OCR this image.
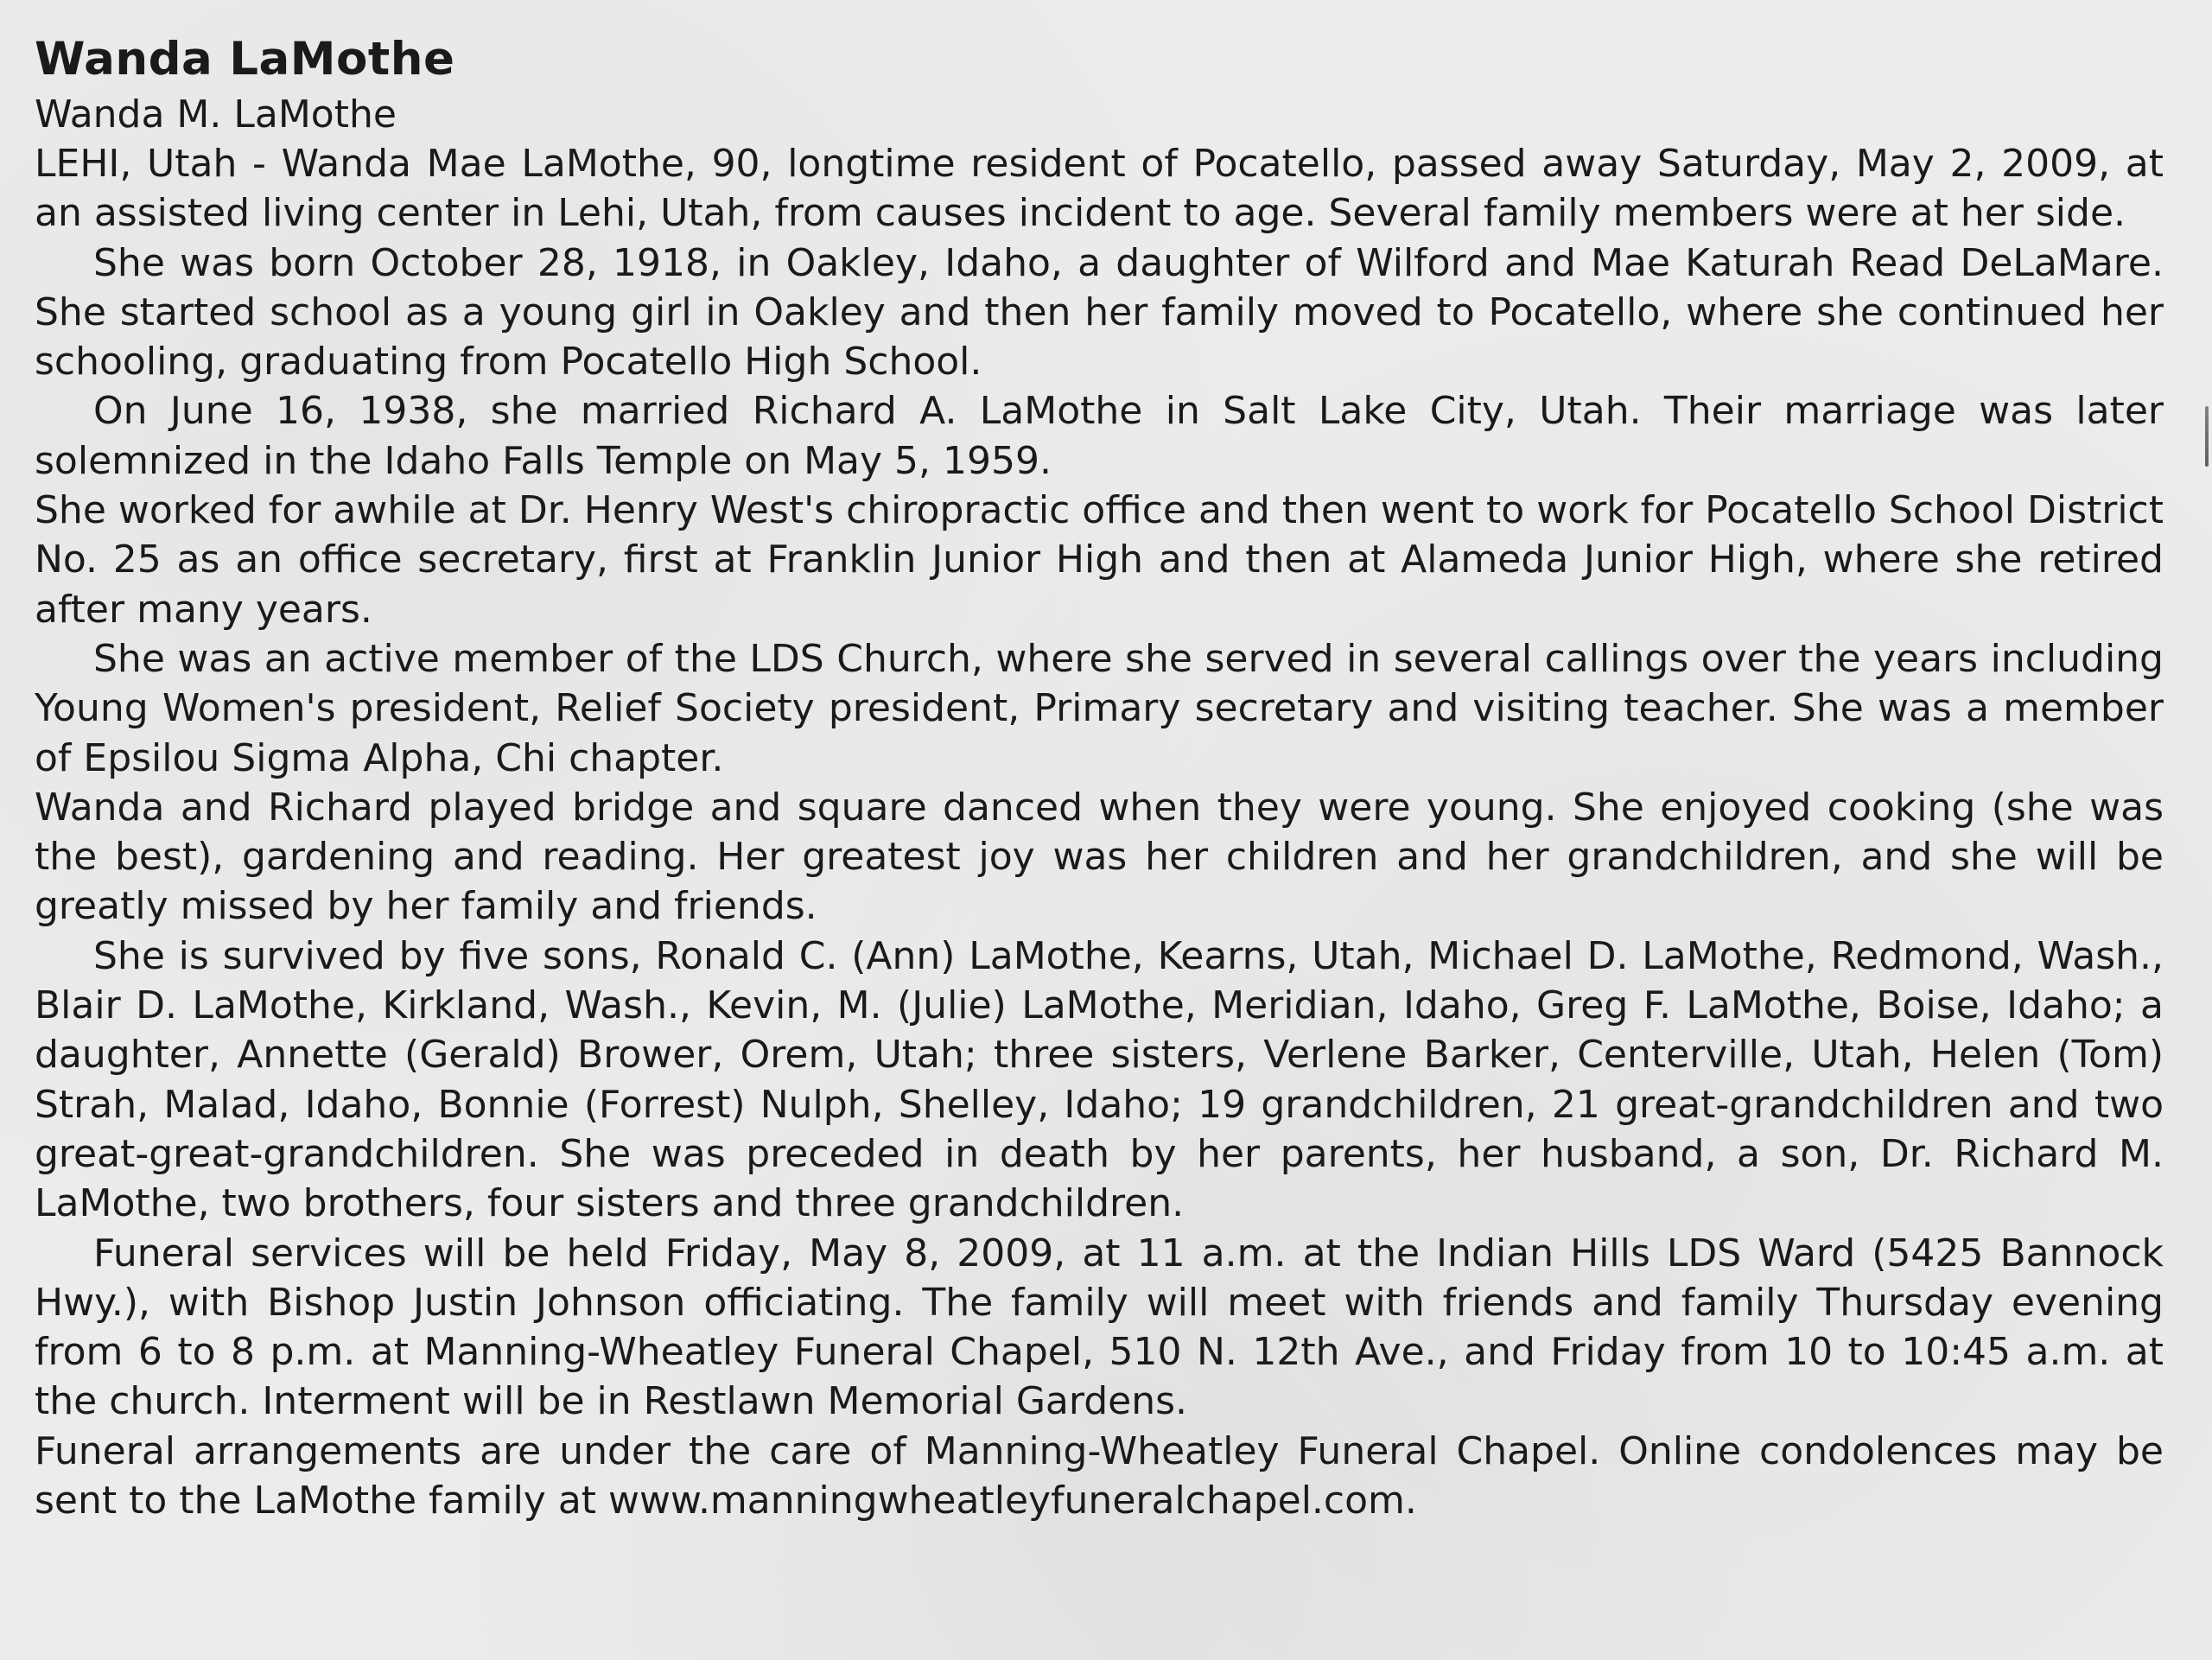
Wanda LaMothe
Wanda M. LaMothe

LEHI, Utah - Wanda Mae LaMothe, 90, longtime resident of Pocatello, passed away Saturday, May 2, 2009, at an assisted living center in Lehi, Utah, from causes incident to age. Several family members were at her side.

She was born October 28, 1918, in Oakley, Idaho, a daughter of Wilford and Mae Katurah Read DeLaMare. She started school as a young girl in Oakley and then her family moved to Pocatello, where she continued her schooling, graduating from Pocatello High School.

On June 16, 1938, she married Richard A. LaMothe in Salt Lake City, Utah. Their marriage was later solemnized in the Idaho Falls Temple on May 5, 1959.

She worked for awhile at Dr. Henry West's chiropractic office and then went to work for Pocatello School District No. 25 as an office secretary, first at Franklin Junior High and then at Alameda Junior High, where she retired after many years.

She was an active member of the LDS Church, where she served in several callings over the years including Young Women's president, Relief Society president, Primary secretary and visiting teacher. She was a member of Epsilou Sigma Alpha, Chi chapter.

Wanda and Richard played bridge and square danced when they were young. She enjoyed cooking (she was the best), gardening and reading. Her greatest joy was her children and her grandchildren, and she will be greatly missed by her family and friends.

She is survived by five sons, Ronald C. (Ann) LaMothe, Kearns, Utah, Michael D. LaMothe, Redmond, Wash., Blair D. LaMothe, Kirkland, Wash., Kevin, M. (Julie) LaMothe, Meridian, Idaho, Greg F. LaMothe, Boise, Idaho; a daughter, Annette (Gerald) Brower, Orem, Utah; three sisters, Verlene Barker, Centerville, Utah, Helen (Tom) Strah, Malad, Idaho, Bonnie (Forrest) Nulph, Shelley, Idaho; 19 grandchildren, 21 great-grandchildren and two great-great-grandchildren. She was preceded in death by her parents, her husband, a son, Dr. Richard M. LaMothe, two brothers, four sisters and three grandchildren.

Funeral services will be held Friday, May 8, 2009, at 11 a.m. at the Indian Hills LDS Ward (5425 Bannock Hwy.), with Bishop Justin Johnson officiating. The family will meet with friends and family Thursday evening from 6 to 8 p.m. at Manning-Wheatley Funeral Chapel, 510 N. 12th Ave., and Friday from 10 to 10:45 a.m. at the church. Interment will be in Restlawn Memorial Gardens.

Funeral arrangements are under the care of Manning-Wheatley Funeral Chapel. Online condolences may be sent to the LaMothe family at www.manningwheatleyfuneralchapel.com.
